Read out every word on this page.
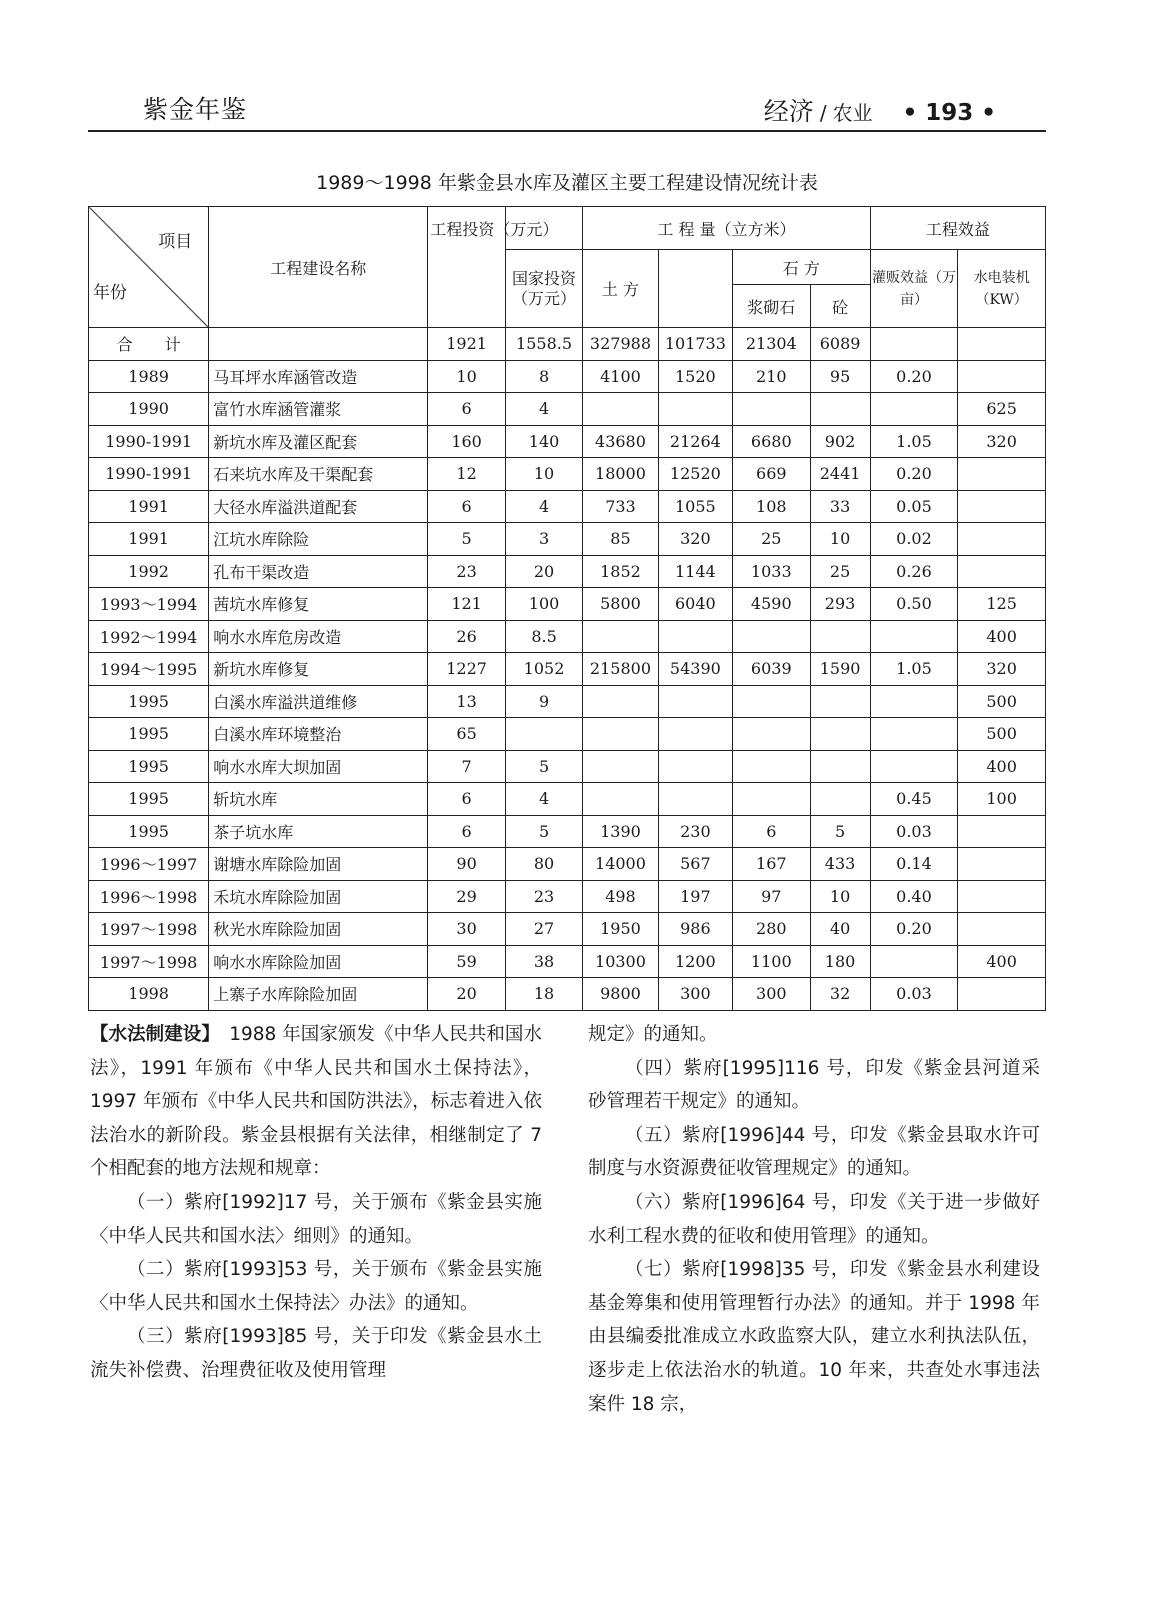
紫金年鉴	经济 / 农业 • 193 •
1989～1998 年紫金县水库及灌区主要工程建设情况统计表
项目
年份	工程建设名称	工程投资（万元）		工 程 量（立方米）				工程效益	
			国家投资（万元）	土 方		石 方		灌贩效益（万亩）	水电装机（KW）
						浆砌石	砼		
合　　计		1921	1558.5	327988	101733	21304	6089		
1989	马耳坪水库涵管改造	10	8	4100	1520	210	95	0.20	
1990	富竹水库涵管灌浆	6	4						625
1990-1991	新坑水库及灌区配套	160	140	43680	21264	6680	902	1.05	320
1990-1991	石来坑水库及干渠配套	12	10	18000	12520	669	2441	0.20	
1991	大径水库溢洪道配套	6	4	733	1055	108	33	0.05	
1991	江坑水库除险	5	3	85	320	25	10	0.02	
1992	孔布干渠改造	23	20	1852	1144	1033	25	0.26	
1993～1994	茜坑水库修复	121	100	5800	6040	4590	293	0.50	125
1992～1994	响水水库危房改造	26	8.5						400
1994～1995	新坑水库修复	1227	1052	215800	54390	6039	1590	1.05	320
1995	白溪水库溢洪道维修	13	9						500
1995	白溪水库环境整治	65							500
1995	响水水库大坝加固	7	5						400
1995	斩坑水库	6	4					0.45	100
1995	茶子坑水库	6	5	1390	230	6	5	0.03	
1996～1997	谢塘水库除险加固	90	80	14000	567	167	433	0.14	
1996～1998	禾坑水库除险加固	29	23	498	197	97	10	0.40	
1997～1998	秋光水库除险加固	30	27	1950	986	280	40	0.20	
1997～1998	响水水库除险加固	59	38	10300	1200	1100	180		400
1998	上寨子水库除险加固	20	18	9800	300	300	32	0.03	

【水法制建设】　1988 年国家颁发《中华人民共和国水法》，1991 年颁布《中华人民共和国水土保持法》，1997 年颁布《中华人民共和国防洪法》，标志着进入依法治水的新阶段。紫金县根据有关法律，相继制定了 7 个相配套的地方法规和规章：

（一）紫府[1992]17 号，关于颁布《紫金县实施〈中华人民共和国水法〉细则》的通知。

（二）紫府[1993]53 号，关于颁布《紫金县实施〈中华人民共和国水土保持法〉办法》的通知。

（三）紫府[1993]85 号，关于印发《紫金县水土流失补偿费、治理费征收及使用管理

规定》的通知。

（四）紫府[1995]116 号，印发《紫金县河道采砂管理若干规定》的通知。

（五）紫府[1996]44 号，印发《紫金县取水许可制度与水资源费征收管理规定》的通知。

（六）紫府[1996]64 号，印发《关于进一步做好水利工程水费的征收和使用管理》的通知。

（七）紫府[1998]35 号，印发《紫金县水利建设基金筹集和使用管理暂行办法》的通知。并于 1998 年由县编委批准成立水政监察大队，建立水利执法队伍，逐步走上依法治水的轨道。10 年来，共查处水事违法案件 18 宗，
